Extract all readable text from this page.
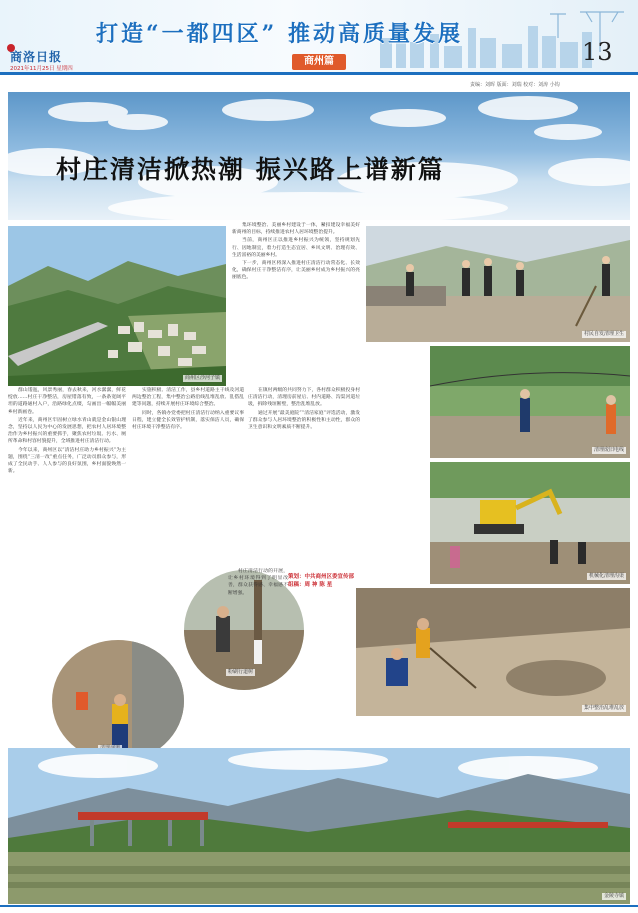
商洛日报
2021年11月25日 星期四
打造“一都四区” 推动高质量发展
商州篇	13
责编：刘晖 版面：刘瑞 校对：刘涛 小钩
村庄清洁掀热潮 振兴路上谱新篇
商州区沙河子镇
村民自发清理卫生
清理废旧电线
机械化清理沟渠
集中整治乱堆乱放
粉刷行道树
金陵寺镇

群山逶迤，风景秀丽，春去秋来，河水潺潺，鲜花绽放……村庄干净整洁，房屋错落有致，一条条宽阔平坦的道路通村入户，沿路绿化点缀，勾画出一幅幅美丽乡村新画卷。

近年来，商州区牢固树立绿水青山就是金山银山理念，坚持以人民为中心的发展思想，把农村人居环境整治作为乡村振兴的重要抓手，聚焦农村垃圾、污水、厕所革命和村容村貌提升，全域推进村庄清洁行动。

今年以来，商州区以“清洁村庄助力乡村振兴”为主题，围绕“三清一改”重点任务，广泛动员群众参与，形成了全民动手、人人参与的良好氛围，乡村面貌焕然一新。

实施积极、清洁工作，县乡村道路主干线及河道两边整治工程，集中整治公路沿线乱堆乱放、乱搭乱建等问题，持续开展村庄环境综合整治。

同时，各镇办党委把村庄清洁行动纳入重要议事日程，建立健全长效管护机制，落实保洁人员，确保村庄环境干净整洁有序。

在镇村两级的共同努力下，各村群众积极投身村庄清洁行动，清理房前屋后、村内道路、沟渠河道垃圾，拆除残垣断壁，整治乱堆乱放。

通过开展“最美庭院”“清洁家庭”评选活动，激发了群众参与人居环境整治的积极性和主动性，群众的卫生意识和文明素质不断提升。

集环境整治、美丽乡村建设于一体，紧扣建设幸福美好新商州的目标，持续推进农村人居环境整治提升。

当前，商州区正以推进乡村振兴为统领，坚持规划先行、因地制宜，着力打造生态宜居、乡风文明、治理有效、生活富裕的美丽乡村。

下一步，商州区将深入推进村庄清洁行动常态化、长效化，确保村庄干净整洁有序，让美丽乡村成为乡村振兴的亮丽底色。

村庄清洁行动的开展，让乡村环境得到了明显改善，群众获得感、幸福感不断增强。

策划：中共商州区委宣传部
组稿：周 神 陈 星
